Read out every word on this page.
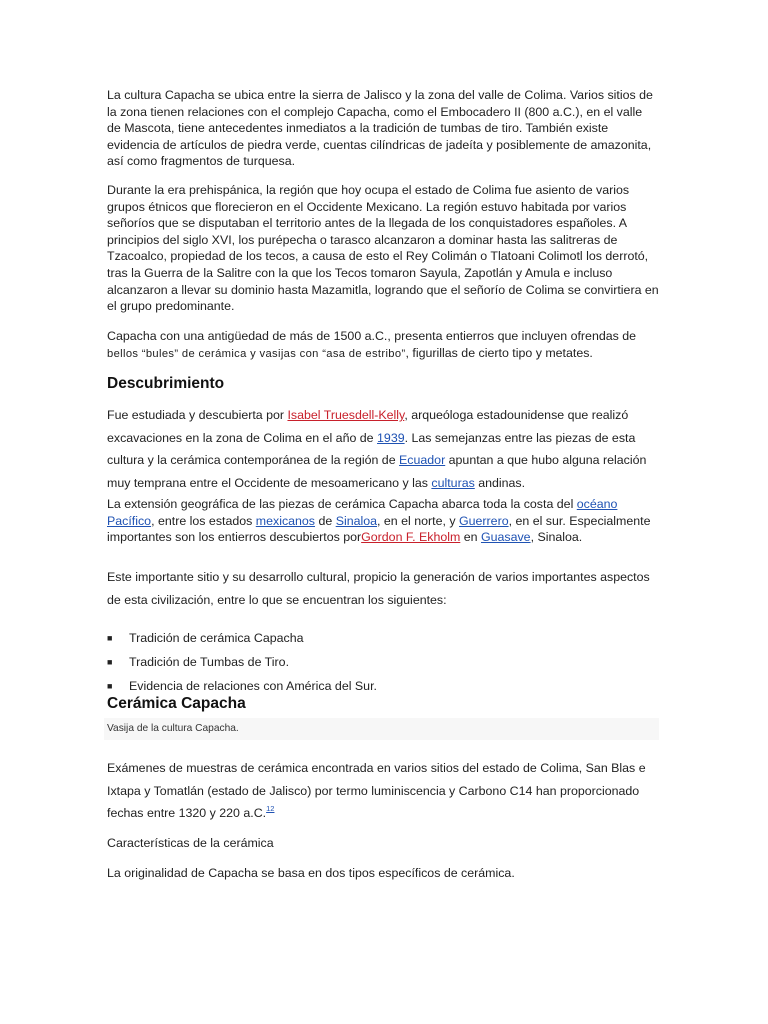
La cultura Capacha se ubica entre la sierra de Jalisco y la zona del valle de Colima. Varios sitios de la zona tienen relaciones con el complejo Capacha, como el Embocadero II (800 a.C.), en el valle de Mascota, tiene antecedentes inmediatos a la tradición de tumbas de tiro. También existe evidencia de artículos de piedra verde, cuentas cilíndricas de jadeíta y posiblemente de amazonita, así como fragmentos de turquesa.

Durante la era prehispánica, la región que hoy ocupa el estado de Colima fue asiento de varios grupos étnicos que florecieron en el Occidente Mexicano. La región estuvo habitada por varios señoríos que se disputaban el territorio antes de la llegada de los conquistadores españoles. A principios del siglo XVI, los purépecha o tarasco alcanzaron a dominar hasta las salitreras de Tzacoalco, propiedad de los tecos, a causa de esto el Rey Colimán o Tlatoani Colimotl los derrotó, tras la Guerra de la Salitre con la que los Tecos tomaron Sayula, Zapotlán y Amula e incluso alcanzaron a llevar su dominio hasta Mazamitla, logrando que el señorío de Colima se convirtiera en el grupo predominante.

Capacha con una antigüedad de más de 1500 a.C., presenta entierros que incluyen ofrendas de
bellos “bules” de cerámica y vasijas con “asa de estribo”, figurillas de cierto tipo y metates.

Descubrimiento

Fue estudiada y descubierta por Isabel Truesdell-Kelly, arqueóloga estadounidense que realizó excavaciones en la zona de Colima en el año de 1939. Las semejanzas entre las piezas de esta cultura y la cerámica contemporánea de la región de Ecuador apuntan a que hubo alguna relación muy temprana entre el Occidente de mesoamericano y las culturas andinas.

La extensión geográfica de las piezas de cerámica Capacha abarca toda la costa del océano Pacífico, entre los estados mexicanos de Sinaloa, en el norte, y Guerrero, en el sur. Especialmente importantes son los entierros descubiertos porGordon F. Ekholm en Guasave, Sinaloa.

Este importante sitio y su desarrollo cultural, propicio la generación de varios importantes aspectos de esta civilización, entre lo que se encuentran los siguientes:

■ Tradición de cerámica Capacha
■ Tradición de Tumbas de Tiro.
■ Evidencia de relaciones con América del Sur.
Cerámica Capacha
Vasija de la cultura Capacha.

Exámenes de muestras de cerámica encontrada en varios sitios del estado de Colima, San Blas e Ixtapa y Tomatlán (estado de Jalisco) por termo luminiscencia y Carbono C14 han proporcionado fechas entre 1320 y 220 a.C.$^{12}$

Características de la cerámica

La originalidad de Capacha se basa en dos tipos específicos de cerámica.
